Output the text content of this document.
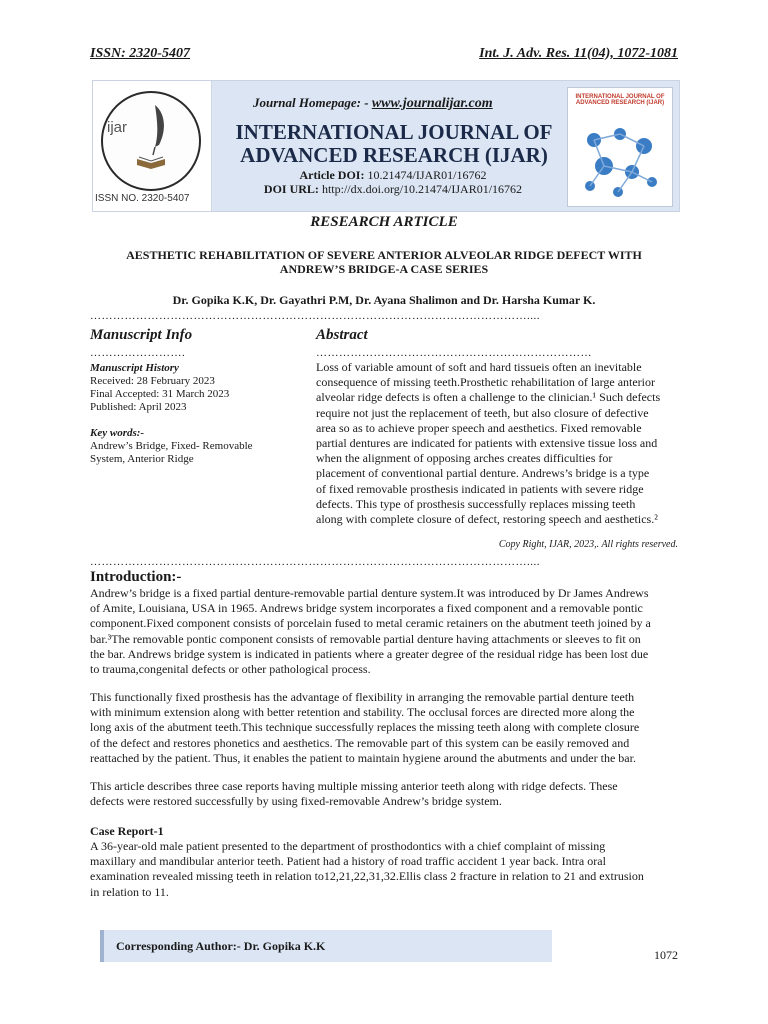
ISSN: 2320-5407	Int. J. Adv. Res. 11(04), 1072-1081
ijar
ISSN NO. 2320-5407
Journal Homepage: - www.journalijar.com
INTERNATIONAL JOURNAL OF
ADVANCED RESEARCH (IJAR)
Article DOI: 10.21474/IJAR01/16762
DOI URL: http://dx.doi.org/10.21474/IJAR01/16762
INTERNATIONAL JOURNAL OF ADVANCED RESEARCH (IJAR)
RESEARCH ARTICLE
AESTHETIC REHABILITATION OF SEVERE ANTERIOR ALVEOLAR RIDGE DEFECT WITH ANDREW’S BRIDGE-A CASE SERIES
Dr. Gopika K.K, Dr. Gayathri P.M, Dr. Ayana Shalimon and Dr. Harsha Kumar K.
……………………………………………………………………………………………………....
Manuscript Info
…………………….
Manuscript History
Received: 28 February 2023
Final Accepted: 31 March 2023
Published: April 2023
Key words:-
Andrew’s Bridge, Fixed- Removable
System, Anterior Ridge
Abstract
………………………………………………………………
Loss of variable amount of soft and hard tissueis often an inevitable
consequence of missing teeth.Prosthetic rehabilitation of large anterior
alveolar ridge defects is often a challenge to the clinician.¹ Such defects
require not just the replacement of teeth, but also closure of defective
area so as to achieve proper speech and aesthetics. Fixed removable
partial dentures are indicated for patients with extensive tissue loss and
when the alignment of opposing arches creates difficulties for
placement of conventional partial denture. Andrews’s bridge is a type
of fixed removable prosthesis indicated in patients with severe ridge
defects. This type of prosthesis successfully replaces missing teeth
along with complete closure of defect, restoring speech and aesthetics.²
Copy Right, IJAR, 2023,. All rights reserved.
……………………………………………………………………………………………………....
Introduction:-
Andrew’s bridge is a fixed partial denture-removable partial denture system.It was introduced by Dr James Andrews
of Amite, Louisiana, USA in 1965. Andrews bridge system incorporates a fixed component and a removable pontic
component.Fixed component consists of porcelain fused to metal ceramic retainers on the abutment teeth joined by a
bar.³The removable pontic component consists of removable partial denture having attachments or sleeves to fit on
the bar. Andrews bridge system is indicated in patients where a greater degree of the residual ridge has been lost due
to trauma,congenital defects or other pathological process.
This functionally fixed prosthesis has the advantage of flexibility in arranging the removable partial denture teeth
with minimum extension along with better retention and stability. The occlusal forces are directed more along the
long axis of the abutment teeth.This technique successfully replaces the missing teeth along with complete closure
of the defect and restores phonetics and aesthetics. The removable part of this system can be easily removed and
reattached by the patient. Thus, it enables the patient to maintain hygiene around the abutments and under the bar.
This article describes three case reports having multiple missing anterior teeth along with ridge defects. These
defects were restored successfully by using fixed-removable Andrew’s bridge system.
Case Report-1
A 36-year-old male patient presented to the department of prosthodontics with a chief complaint of missing
maxillary and mandibular anterior teeth. Patient had a history of road traffic accident 1 year back. Intra oral
examination revealed missing teeth in relation to12,21,22,31,32.Ellis class 2 fracture in relation to 21 and extrusion
in relation to 11.
Corresponding Author:- Dr. Gopika K.K
1072
